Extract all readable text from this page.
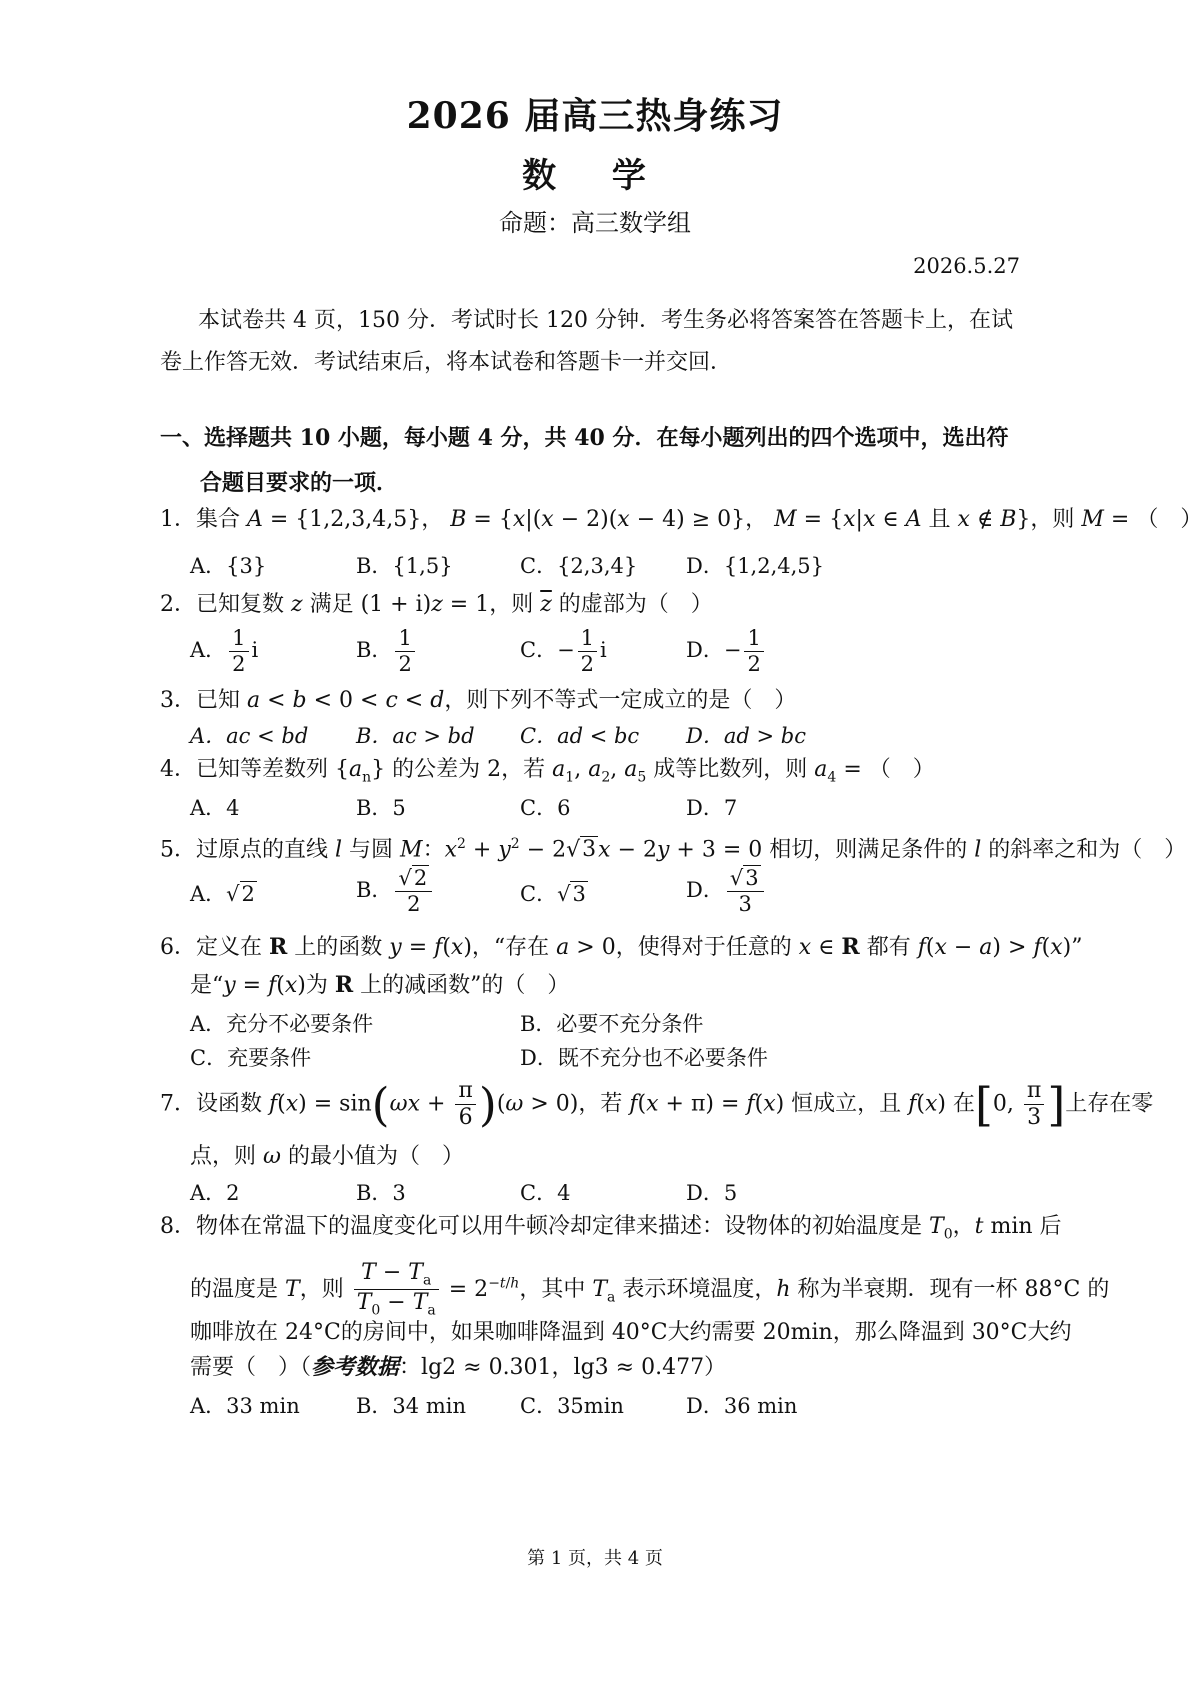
2026 届高三热身练习
数 学
命题：高三数学组
2026.5.27
本试卷共 4 页，150 分．考试时长 120 分钟．考生务必将答案答在答题卡上，在试
卷上作答无效．考试结束后，将本试卷和答题卡一并交回．
一、选择题共 10 小题，每小题 4 分，共 40 分．在每小题列出的四个选项中，选出符
合题目要求的一项．
1．集合 A = {1,2,3,4,5}， B = {x|(x − 2)(x − 4) ≥ 0}， M = {x|x ∈ A 且 x ∉ B}，则 M = （　）
A．{3}	B．{1,5}	C．{2,3,4} D．{1,2,4,5}
2．已知复数 z 满足 (1 + i)z = 1，则 $\overline{z}$ 的虚部为（　）
A． $\frac{1}{2}$ i	B． $\frac{1}{2}$	C．− $\frac{1}{2}$ i	D．− $\frac{1}{2}$
3．已知 a < b < 0 < c < d，则下列不等式一定成立的是（　）
A．ac < bd B．ac > bd C．ad < bc D．ad > bc
4．已知等差数列 $\{a_n\}$ 的公差为 2，若 $a_1$, $a_2$, $a_5$ 成等比数列，则 $a_4$ = （　）
A．4	B．5	C．6	D．7
5．过原点的直线 l 与圆 M：$x^2 + y^2 - 2√3x - 2y + 3 = 0$ 相切，则满足条件的 l 的斜率之和为（　）
A．√2	B． $\frac{√2}{2}$	C．√3	D． $\frac{√3}{3}$
6．定义在 R 上的函数 y = f(x)，“存在 a > 0，使得对于任意的 x ∈ R 都有 f(x − a) > f(x)”
是“y = f(x)为 R 上的减函数”的（　）
A．充分不必要条件	B．必要不充分条件
C．充要条件	D．既不充分也不必要条件
7．设函数 $f(x) = \sin(\omega x + \frac{\pi}{6} )(\omega > 0)$，若 f(x + π) = f(x) 恒成立，且 f(x) 在[0, $\frac{\pi}{3}$ ]上存在零
点，则 ω 的最小值为（　）
A．2	B．3	C．4	D．5
8．物体在常温下的温度变化可以用牛顿冷却定律来描述：设物体的初始温度是 $T_0$，t min 后
的温度是 T，则 $\frac{T - T_a}{T_0 - T_a} = 2^{-t/h}$，其中 $T_a$ 表示环境温度，h 称为半衰期．现有一杯 88°C 的
咖啡放在 24°C的房间中，如果咖啡降温到 40°C大约需要 20min，那么降温到 30°C大约
需要（　）（参考数据：lg2 ≈ 0.301，lg3 ≈ 0.477）
A．33 min	B．34 min	C．35min	D．36 min
第 1 页，共 4 页
